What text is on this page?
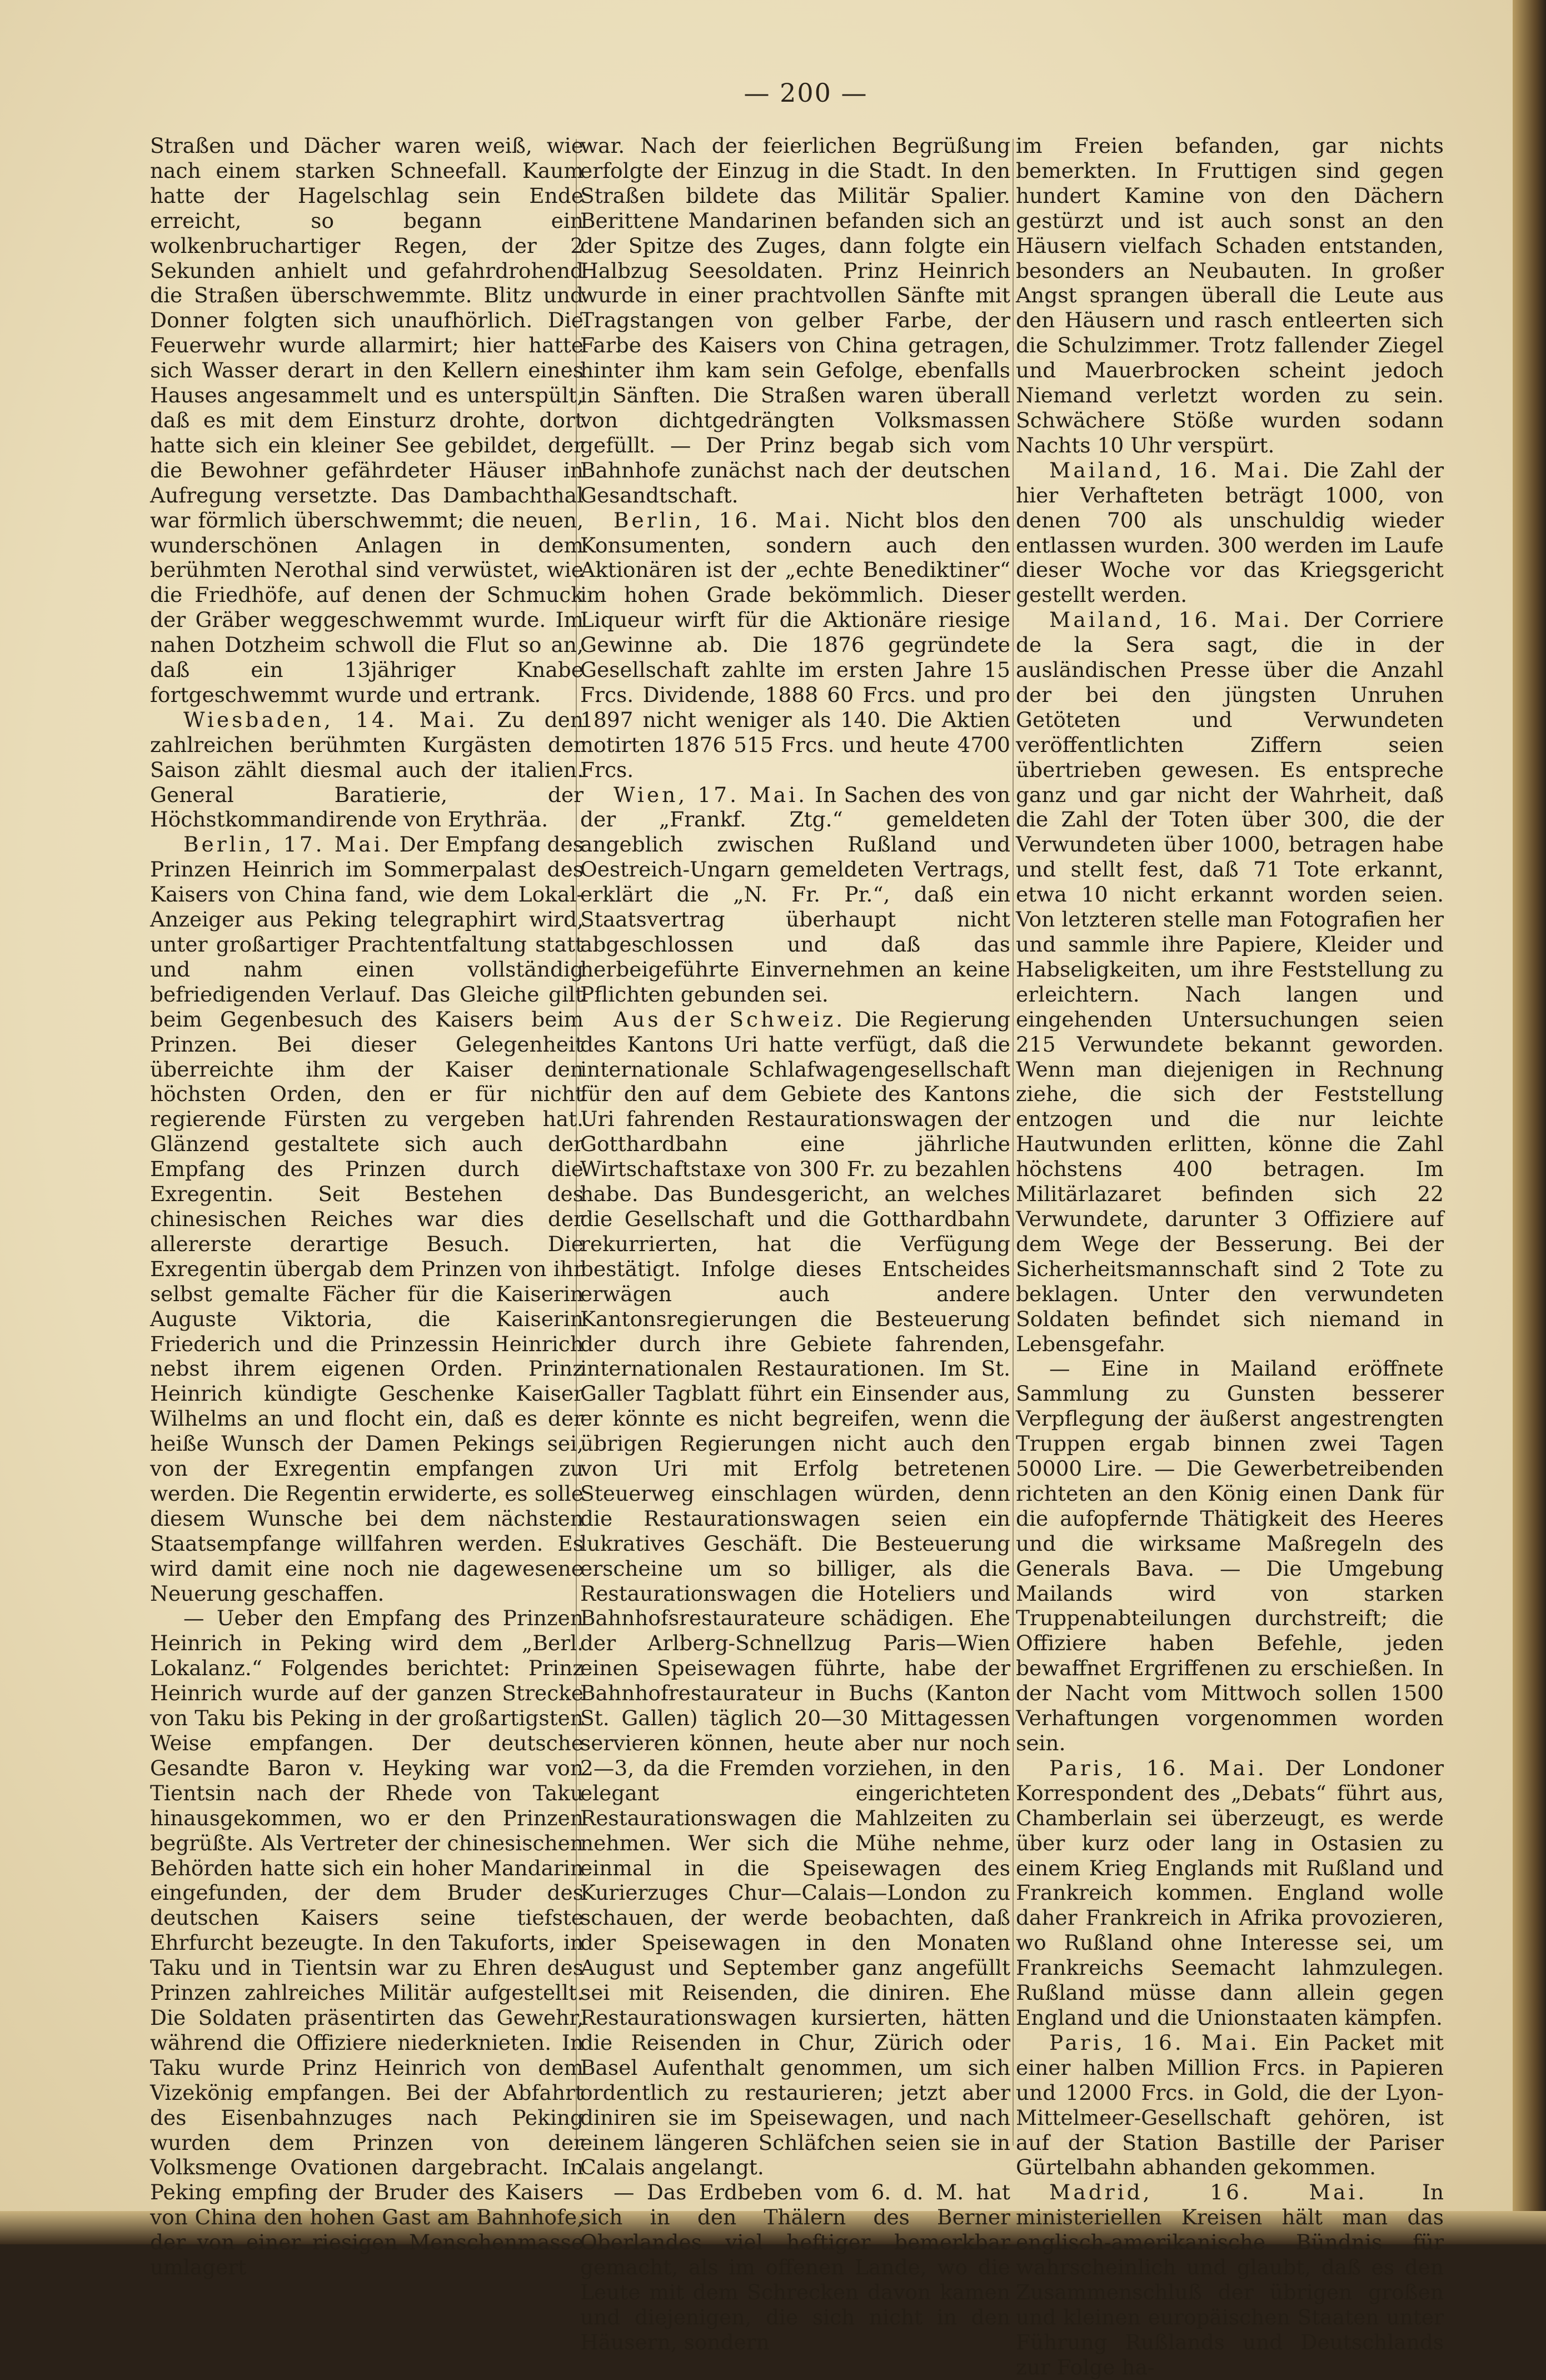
— 200 —

Straßen und Dächer waren weiß, wie nach einem starken Schneefall. Kaum hatte der Hagelschlag sein Ende erreicht, so begann ein wolkenbruchartiger Regen, der 2 Sekunden anhielt und gefahrdrohend die Straßen überschwemmte. Blitz und Donner folgten sich unaufhörlich. Die Feuerwehr wurde allarmirt; hier hatte sich Wasser derart in den Kellern eines Hauses angesammelt und es unterspült, daß es mit dem Einsturz drohte, dort hatte sich ein kleiner See gebildet, der die Bewohner gefährdeter Häuser in Aufregung versetzte. Das Dambachthal war förmlich überschwemmt; die neuen, wunderschönen Anlagen in dem berühmten Nerothal sind verwüstet, wie die Friedhöfe, auf denen der Schmuck der Gräber weggeschwemmt wurde. Im nahen Dotzheim schwoll die Flut so an, daß ein 13jähriger Knabe fortgeschwemmt wurde und ertrank.

Wiesbaden, 14. Mai. Zu den zahlreichen berühmten Kurgästen der Saison zählt diesmal auch der italien. General Baratierie, der Höchstkommandirende von Erythräa.

Berlin, 17. Mai. Der Empfang des Prinzen Heinrich im Sommerpalast des Kaisers von China fand, wie dem Lokal-Anzeiger aus Peking telegraphirt wird, unter großartiger Prachtentfaltung statt und nahm einen vollständig befriedigenden Verlauf. Das Gleiche gilt beim Gegenbesuch des Kaisers beim Prinzen. Bei dieser Gelegenheit überreichte ihm der Kaiser den höchsten Orden, den er für nicht regierende Fürsten zu vergeben hat. Glänzend gestaltete sich auch der Empfang des Prinzen durch die Exregentin. Seit Bestehen des chinesischen Reiches war dies der allererste derartige Besuch. Die Exregentin übergab dem Prinzen von ihr selbst gemalte Fächer für die Kaiserin Auguste Viktoria, die Kaiserin Friederich und die Prinzessin Heinrich nebst ihrem eigenen Orden. Prinz Heinrich kündigte Geschenke Kaiser Wilhelms an und flocht ein, daß es der heiße Wunsch der Damen Pekings sei, von der Exregentin empfangen zu werden. Die Regentin erwiderte, es solle diesem Wunsche bei dem nächsten Staatsempfange willfahren werden. Es wird damit eine noch nie dagewesene Neuerung geschaffen.

— Ueber den Empfang des Prinzen Heinrich in Peking wird dem „Berl. Lokalanz.“ Folgendes berichtet: Prinz Heinrich wurde auf der ganzen Strecke von Taku bis Peking in der großartigsten Weise empfangen. Der deutsche Gesandte Baron v. Heyking war von Tientsin nach der Rhede von Taku hinausgekommen, wo er den Prinzen begrüßte. Als Vertreter der chinesischen Behörden hatte sich ein hoher Mandarin eingefunden, der dem Bruder des deutschen Kaisers seine tiefste Ehrfurcht bezeugte. In den Takuforts, in Taku und in Tientsin war zu Ehren des Prinzen zahlreiches Militär aufgestellt. Die Soldaten präsentirten das Gewehr, während die Offiziere niederknieten. In Taku wurde Prinz Heinrich von dem Vizekönig empfangen. Bei der Abfahrt des Eisenbahnzuges nach Peking wurden dem Prinzen von der Volksmenge Ovationen dargebracht. In Peking empfing der Bruder des Kaisers von China den hohen Gast am Bahnhofe, der von einer riesigen Menschenmasse umlagert

war. Nach der feierlichen Begrüßung erfolgte der Einzug in die Stadt. In den Straßen bildete das Militär Spalier. Berittene Mandarinen befanden sich an der Spitze des Zuges, dann folgte ein Halbzug Seesoldaten. Prinz Heinrich wurde in einer prachtvollen Sänfte mit Tragstangen von gelber Farbe, der Farbe des Kaisers von China getragen, hinter ihm kam sein Gefolge, ebenfalls in Sänften. Die Straßen waren überall von dichtgedrängten Volksmassen gefüllt. — Der Prinz begab sich vom Bahnhofe zunächst nach der deutschen Gesandtschaft.

Berlin, 16. Mai. Nicht blos den Konsumenten, sondern auch den Aktionären ist der „echte Benediktiner“ im hohen Grade bekömmlich. Dieser Liqueur wirft für die Aktionäre riesige Gewinne ab. Die 1876 gegründete Gesellschaft zahlte im ersten Jahre 15 Frcs. Dividende, 1888 60 Frcs. und pro 1897 nicht weniger als 140. Die Aktien notirten 1876 515 Frcs. und heute 4700 Frcs.

Wien, 17. Mai. In Sachen des von der „Frankf. Ztg.“ gemeldeten angeblich zwischen Rußland und Oestreich-Ungarn gemeldeten Vertrags, erklärt die „N. Fr. Pr.“, daß ein Staatsvertrag überhaupt nicht abgeschlossen und daß das herbeigeführte Einvernehmen an keine Pflichten gebunden sei.

Aus der Schweiz. Die Regierung des Kantons Uri hatte verfügt, daß die internationale Schlafwagengesellschaft für den auf dem Gebiete des Kantons Uri fahrenden Restaurationswagen der Gotthardbahn eine jährliche Wirtschaftstaxe von 300 Fr. zu bezahlen habe. Das Bundesgericht, an welches die Gesellschaft und die Gotthardbahn rekurrierten, hat die Verfügung bestätigt. Infolge dieses Entscheides erwägen auch andere Kantonsregierungen die Besteuerung der durch ihre Gebiete fahrenden, internationalen Restaurationen. Im St. Galler Tagblatt führt ein Einsender aus, er könnte es nicht begreifen, wenn die übrigen Regierungen nicht auch den von Uri mit Erfolg betretenen Steuerweg einschlagen würden, denn die Restaurationswagen seien ein lukratives Geschäft. Die Besteuerung erscheine um so billiger, als die Restaurationswagen die Hoteliers und Bahnhofsrestaurateure schädigen. Ehe der Arlberg-Schnellzug Paris—Wien einen Speisewagen führte, habe der Bahnhofrestaurateur in Buchs (Kanton St. Gallen) täglich 20—30 Mittagessen servieren können, heute aber nur noch 2—3, da die Fremden vorziehen, in den elegant eingerichteten Restaurationswagen die Mahlzeiten zu nehmen. Wer sich die Mühe nehme, einmal in die Speisewagen des Kurierzuges Chur—Calais—London zu schauen, der werde beobachten, daß der Speisewagen in den Monaten August und September ganz angefüllt sei mit Reisenden, die diniren. Ehe Restaurationswagen kursierten, hätten die Reisenden in Chur, Zürich oder Basel Aufenthalt genommen, um sich ordentlich zu restaurieren; jetzt aber diniren sie im Speisewagen, und nach einem längeren Schläfchen seien sie in Calais angelangt.

— Das Erdbeben vom 6. d. M. hat sich in den Thälern des Berner Oberlandes viel heftiger bemerkbar gemacht, als im offenen Lande, wo die Leute mit dem Schrecken davon kamen und diejenigen, die sich nicht in den Häusern, sondern

im Freien befanden, gar nichts bemerkten. In Fruttigen sind gegen hundert Kamine von den Dächern gestürzt und ist auch sonst an den Häusern vielfach Schaden entstanden, besonders an Neubauten. In großer Angst sprangen überall die Leute aus den Häusern und rasch entleerten sich die Schulzimmer. Trotz fallender Ziegel und Mauerbrocken scheint jedoch Niemand verletzt worden zu sein. Schwächere Stöße wurden sodann Nachts 10 Uhr verspürt.

Mailand, 16. Mai. Die Zahl der hier Verhafteten beträgt 1000, von denen 700 als unschuldig wieder entlassen wurden. 300 werden im Laufe dieser Woche vor das Kriegsgericht gestellt werden.

Mailand, 16. Mai. Der Corriere de la Sera sagt, die in der ausländischen Presse über die Anzahl der bei den jüngsten Unruhen Getöteten und Verwundeten veröffentlichten Ziffern seien übertrieben gewesen. Es entspreche ganz und gar nicht der Wahrheit, daß die Zahl der Toten über 300, die der Verwundeten über 1000, betragen habe und stellt fest, daß 71 Tote erkannt, etwa 10 nicht erkannt worden seien. Von letzteren stelle man Fotografien her und sammle ihre Papiere, Kleider und Habseligkeiten, um ihre Feststellung zu erleichtern. Nach langen und eingehenden Untersuchungen seien 215 Verwundete bekannt geworden. Wenn man diejenigen in Rechnung ziehe, die sich der Feststellung entzogen und die nur leichte Hautwunden erlitten, könne die Zahl höchstens 400 betragen. Im Militärlazaret befinden sich 22 Verwundete, darunter 3 Offiziere auf dem Wege der Besserung. Bei der Sicherheitsmannschaft sind 2 Tote zu beklagen. Unter den verwundeten Soldaten befindet sich niemand in Lebensgefahr.

— Eine in Mailand eröffnete Sammlung zu Gunsten besserer Verpflegung der äußerst angestrengten Truppen ergab binnen zwei Tagen 50000 Lire. — Die Gewerbetreibenden richteten an den König einen Dank für die aufopfernde Thätigkeit des Heeres und die wirksame Maßregeln des Generals Bava. — Die Umgebung Mailands wird von starken Truppenabteilungen durchstreift; die Offiziere haben Befehle, jeden bewaffnet Ergriffenen zu erschießen. In der Nacht vom Mittwoch sollen 1500 Verhaftungen vorgenommen worden sein.

Paris, 16. Mai. Der Londoner Korrespondent des „Debats“ führt aus, Chamberlain sei überzeugt, es werde über kurz oder lang in Ostasien zu einem Krieg Englands mit Rußland und Frankreich kommen. England wolle daher Frankreich in Afrika provozieren, wo Rußland ohne Interesse sei, um Frankreichs Seemacht lahmzulegen. Rußland müsse dann allein gegen England und die Unionstaaten kämpfen.

Paris, 16. Mai. Ein Packet mit einer halben Million Frcs. in Papieren und 12000 Frcs. in Gold, die der Lyon-Mittelmeer-Gesellschaft gehören, ist auf der Station Bastille der Pariser Gürtelbahn abhanden gekommen.

Madrid, 16. Mai.	In ministeriellen Kreisen hält man das englisch-amerikanische Bündnis für wahrscheinlich und glaubt, daß es den Zusammenschluß der übrigen großen und kleinen europäischen Staaten unter Führung Rußlands und Deutschlands zur Folge ha-
